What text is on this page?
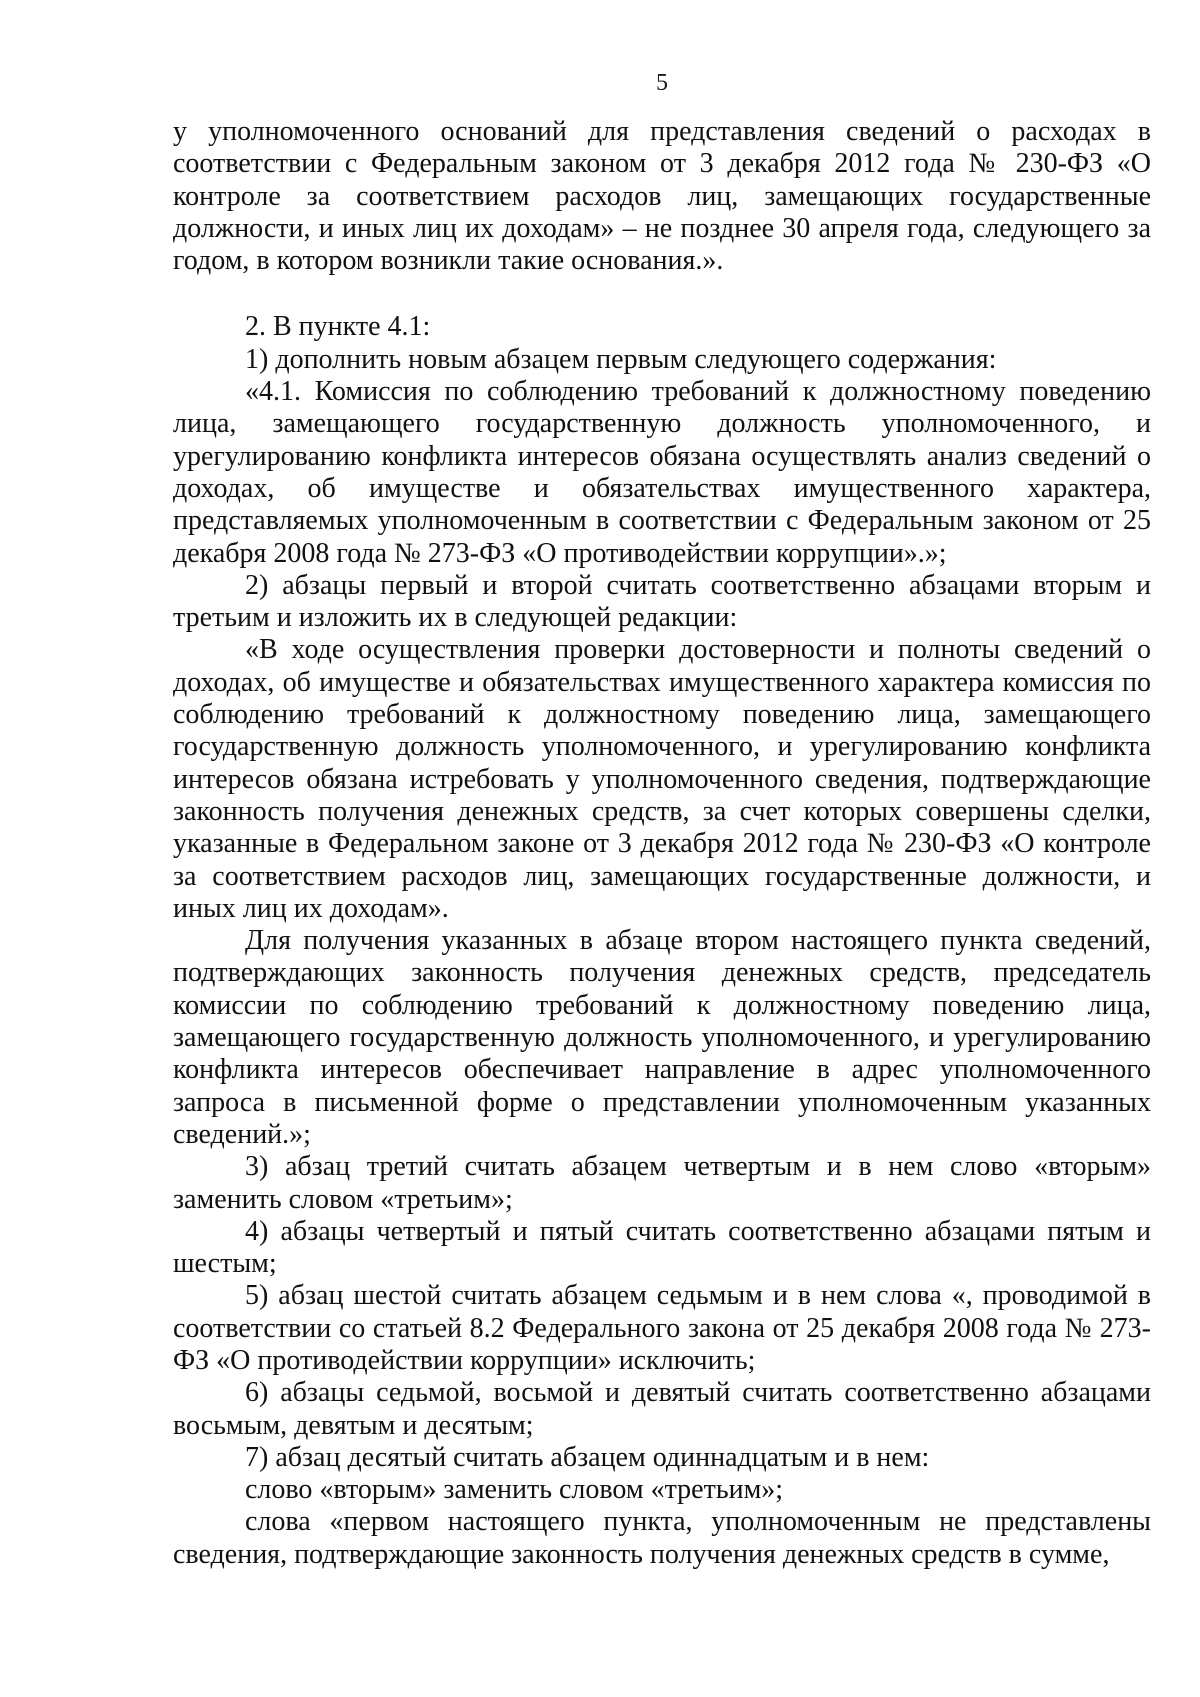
5

у уполномоченного оснований для представления сведений о расходах в соответствии с Федеральным законом от 3 декабря 2012 года № 230-ФЗ «О контроле за соответствием расходов лиц, замещающих государственные должности, и иных лиц их доходам» – не позднее 30 апреля года, следующего за годом, в котором возникли такие основания.».

2. В пункте 4.1:

1) дополнить новым абзацем первым следующего содержания:

«4.1. Комиссия по соблюдению требований к должностному поведению лица, замещающего государственную должность уполномоченного, и урегулированию конфликта интересов обязана осуществлять анализ сведений о доходах, об имуществе и обязательствах имущественного характера, представляемых уполномоченным в соответствии с Федеральным законом от 25 декабря 2008 года № 273-ФЗ «О противодействии коррупции».»;

2) абзацы первый и второй считать соответственно абзацами вторым и третьим и изложить их в следующей редакции:

«В ходе осуществления проверки достоверности и полноты сведений о доходах, об имуществе и обязательствах имущественного характера комиссия по соблюдению требований к должностному поведению лица, замещающего государственную должность уполномоченного, и урегулированию конфликта интересов обязана истребовать у уполномоченного сведения, подтверждающие законность получения денежных средств, за счет которых совершены сделки, указанные в Федеральном законе от 3 декабря 2012 года № 230-ФЗ «О контроле за соответствием расходов лиц, замещающих государственные должности, и иных лиц их доходам».

Для получения указанных в абзаце втором настоящего пункта сведений, подтверждающих законность получения денежных средств, председатель комиссии по соблюдению требований к должностному поведению лица, замещающего государственную должность уполномоченного, и урегулированию конфликта интересов обеспечивает направление в адрес уполномоченного запроса в письменной форме о представлении уполномоченным указанных сведений.»;

3) абзац третий считать абзацем четвертым и в нем слово «вторым» заменить словом «третьим»;

4) абзацы четвертый и пятый считать соответственно абзацами пятым и шестым;

5) абзац шестой считать абзацем седьмым и в нем слова «, проводимой в соответствии со статьей 8.2 Федерального закона от 25 декабря 2008 года № 273-ФЗ «О противодействии коррупции» исключить;

6) абзацы седьмой, восьмой и девятый считать соответственно абзацами восьмым, девятым и десятым;

7) абзац десятый считать абзацем одиннадцатым и в нем:

слово «вторым» заменить словом «третьим»;

слова «первом настоящего пункта, уполномоченным не представлены сведения, подтверждающие законность получения денежных средств в сумме,
